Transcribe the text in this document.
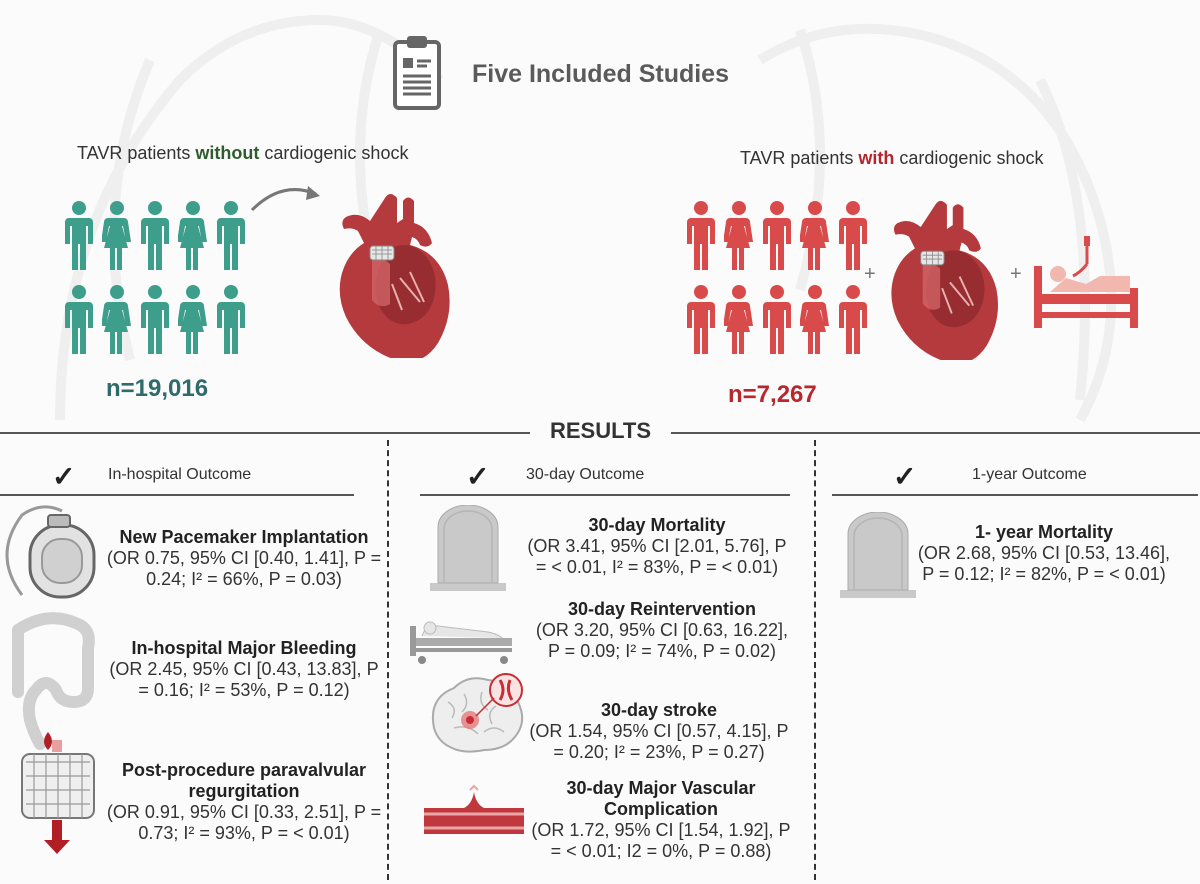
Five Included Studies
TAVR patients without cardiogenic shock	TAVR patients with cardiogenic shock
n=19,016
+	+
n=7,267
RESULTS
✓ In-hospital Outcome	✓ 30-day Outcome	✓	1-year Outcome
New Pacemaker Implantation
(OR 0.75, 95% CI [0.40, 1.41], P = 0.24; I² = 66%, P = 0.03)
In-hospital Major Bleeding
(OR 2.45, 95% CI [0.43, 13.83], P = 0.16; I² = 53%, P = 0.12)
Post-procedure paravalvular regurgitation
(OR 0.91, 95% CI [0.33, 2.51], P = 0.73; I² = 93%, P = < 0.01)
30-day Mortality
(OR 3.41, 95% CI [2.01, 5.76], P = < 0.01, I² = 83%, P = < 0.01)
30-day Reintervention
(OR 3.20, 95% CI [0.63, 16.22], P = 0.09; I² = 74%, P = 0.02)
30-day stroke
(OR 1.54, 95% CI [0.57, 4.15], P = 0.20; I² = 23%, P = 0.27)
30-day Major Vascular Complication
(OR 1.72, 95% CI [1.54, 1.92], P = < 0.01; I2 = 0%, P = 0.88)
1- year Mortality
(OR 2.68, 95% CI [0.53, 13.46], P = 0.12; I² = 82%, P = < 0.01)
